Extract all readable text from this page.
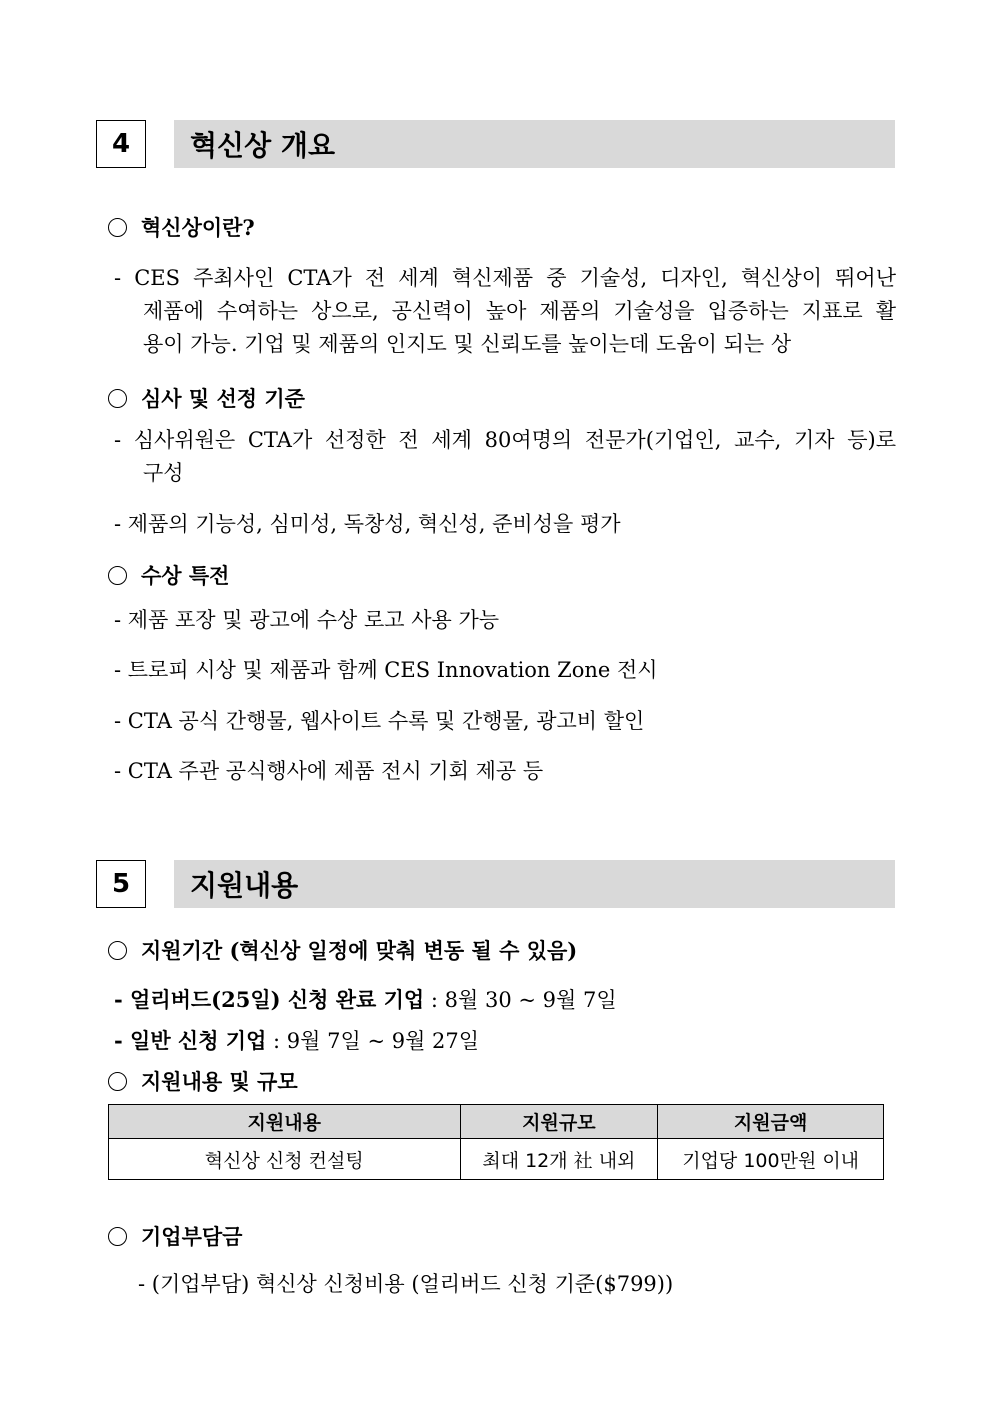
4	혁신상 개요
혁신상이란?
- CES 주최사인 CTA가 전 세계 혁신제품 중 기술성, 디자인, 혁신상이 뛰어난
제품에 수여하는 상으로, 공신력이 높아 제품의 기술성을 입증하는 지표로 활
용이 가능. 기업 및 제품의 인지도 및 신뢰도를 높이는데 도움이 되는 상
심사 및 선정 기준
- 심사위원은 CTA가 선정한 전 세계 80여명의 전문가(기업인, 교수, 기자 등)로
구성
- 제품의 기능성, 심미성, 독창성, 혁신성, 준비성을 평가
수상 특전
- 제품 포장 및 광고에 수상 로고 사용 가능
- 트로피 시상 및 제품과 함께 CES Innovation Zone 전시
- CTA 공식 간행물, 웹사이트 수록 및 간행물, 광고비 할인
- CTA 주관 공식행사에 제품 전시 기회 제공 등
5	지원내용
지원기간 (혁신상 일정에 맞춰 변동 될 수 있음)
- 얼리버드(25일) 신청 완료 기업 : 8월 30 ~ 9월 7일
- 일반 신청 기업 : 9월 7일 ~ 9월 27일
지원내용 및 규모
지원내용	지원규모	지원금액
혁신상 신청 컨설팅	최대 12개 社 내외	기업당 100만원 이내
기업부담금
- (기업부담) 혁신상 신청비용 (얼리버드 신청 기준($799))
